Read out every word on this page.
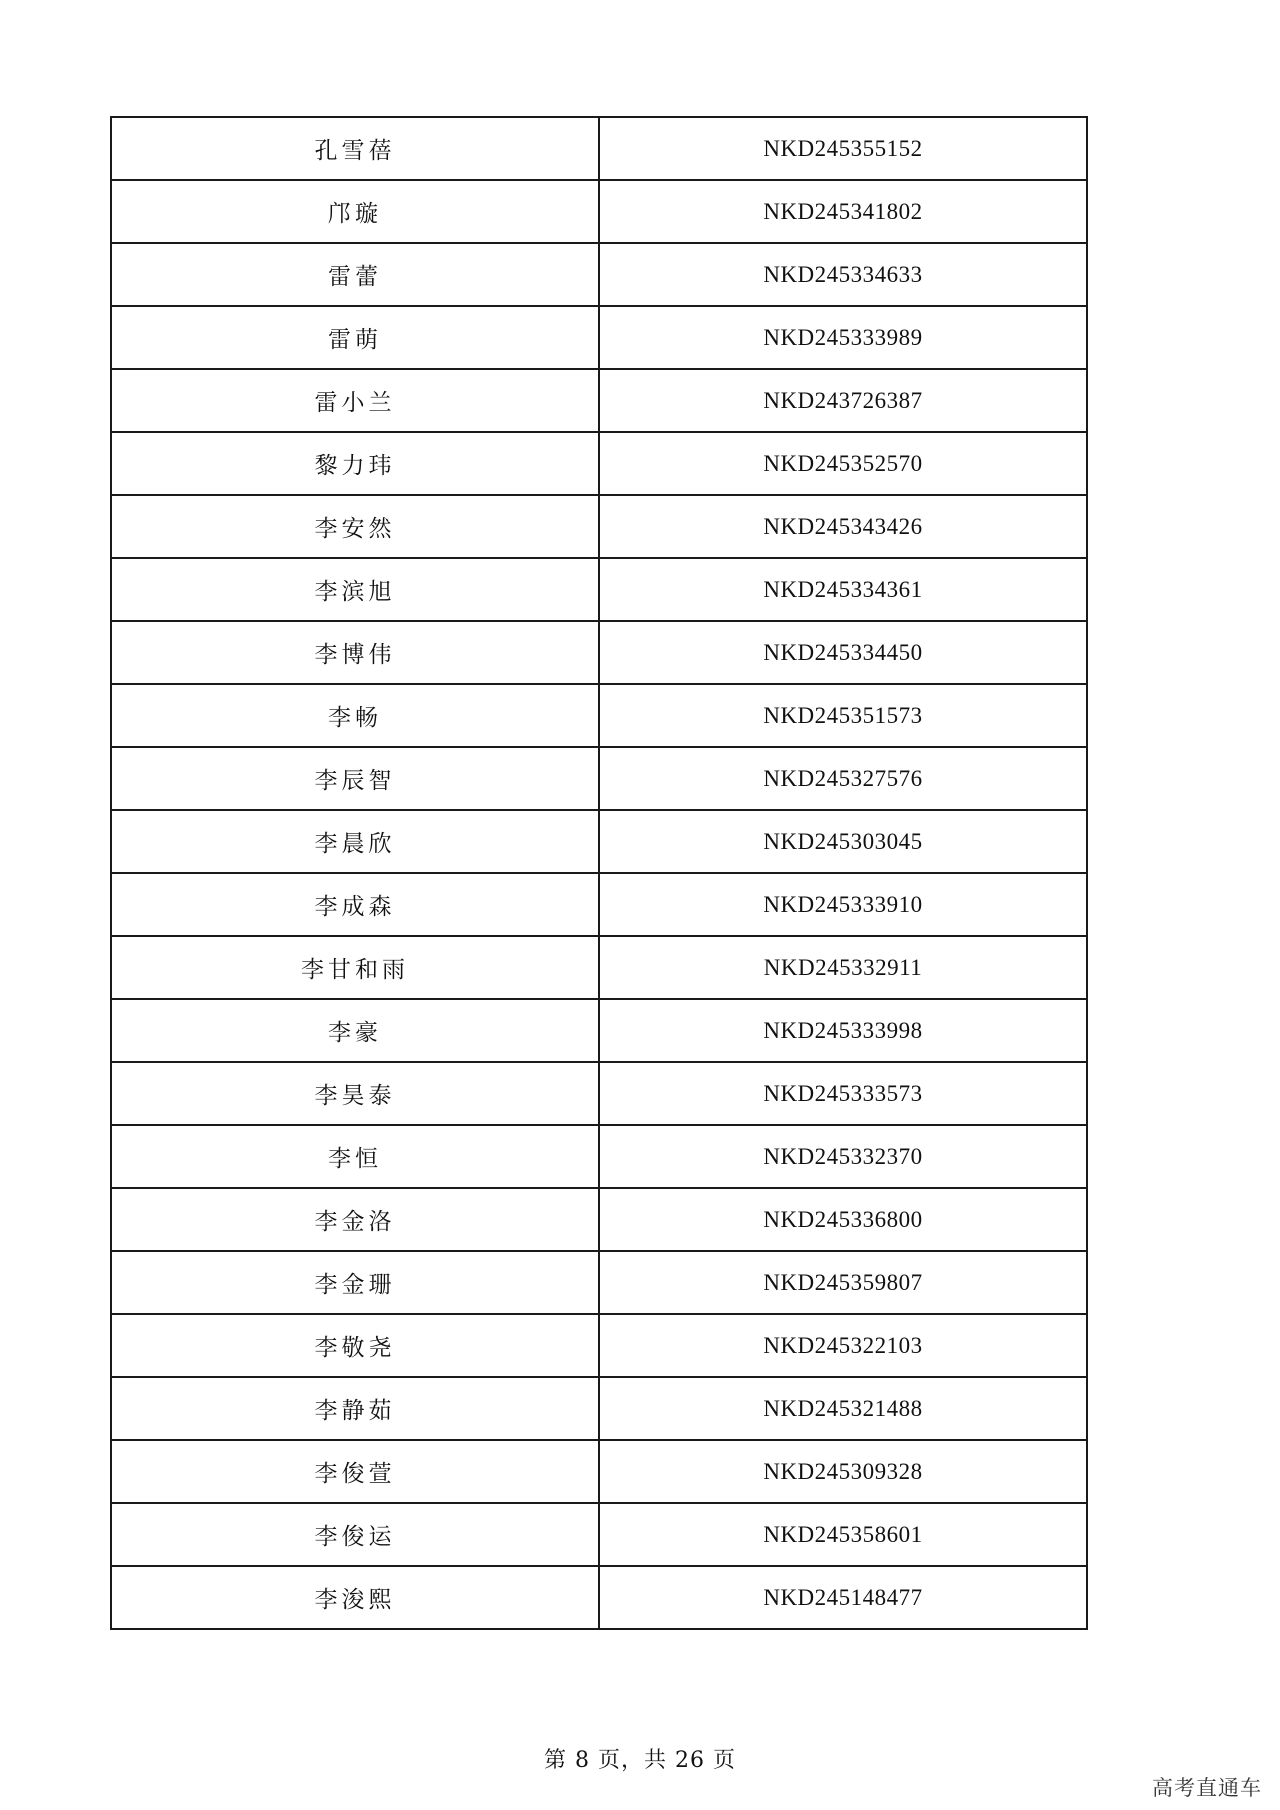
孔雪蓓	NKD245355152
邝璇	NKD245341802
雷蕾	NKD245334633
雷萌	NKD245333989
雷小兰	NKD243726387
黎力玮	NKD245352570
李安然	NKD245343426
李滨旭	NKD245334361
李博伟	NKD245334450
李畅	NKD245351573
李辰智	NKD245327576
李晨欣	NKD245303045
李成森	NKD245333910
李甘和雨	NKD245332911
李豪	NKD245333998
李昊泰	NKD245333573
李恒	NKD245332370
李金洛	NKD245336800
李金珊	NKD245359807
李敬尧	NKD245322103
李静茹	NKD245321488
李俊萱	NKD245309328
李俊运	NKD245358601
李浚熙	NKD245148477
第 8 页，共 26 页
高考直通车
